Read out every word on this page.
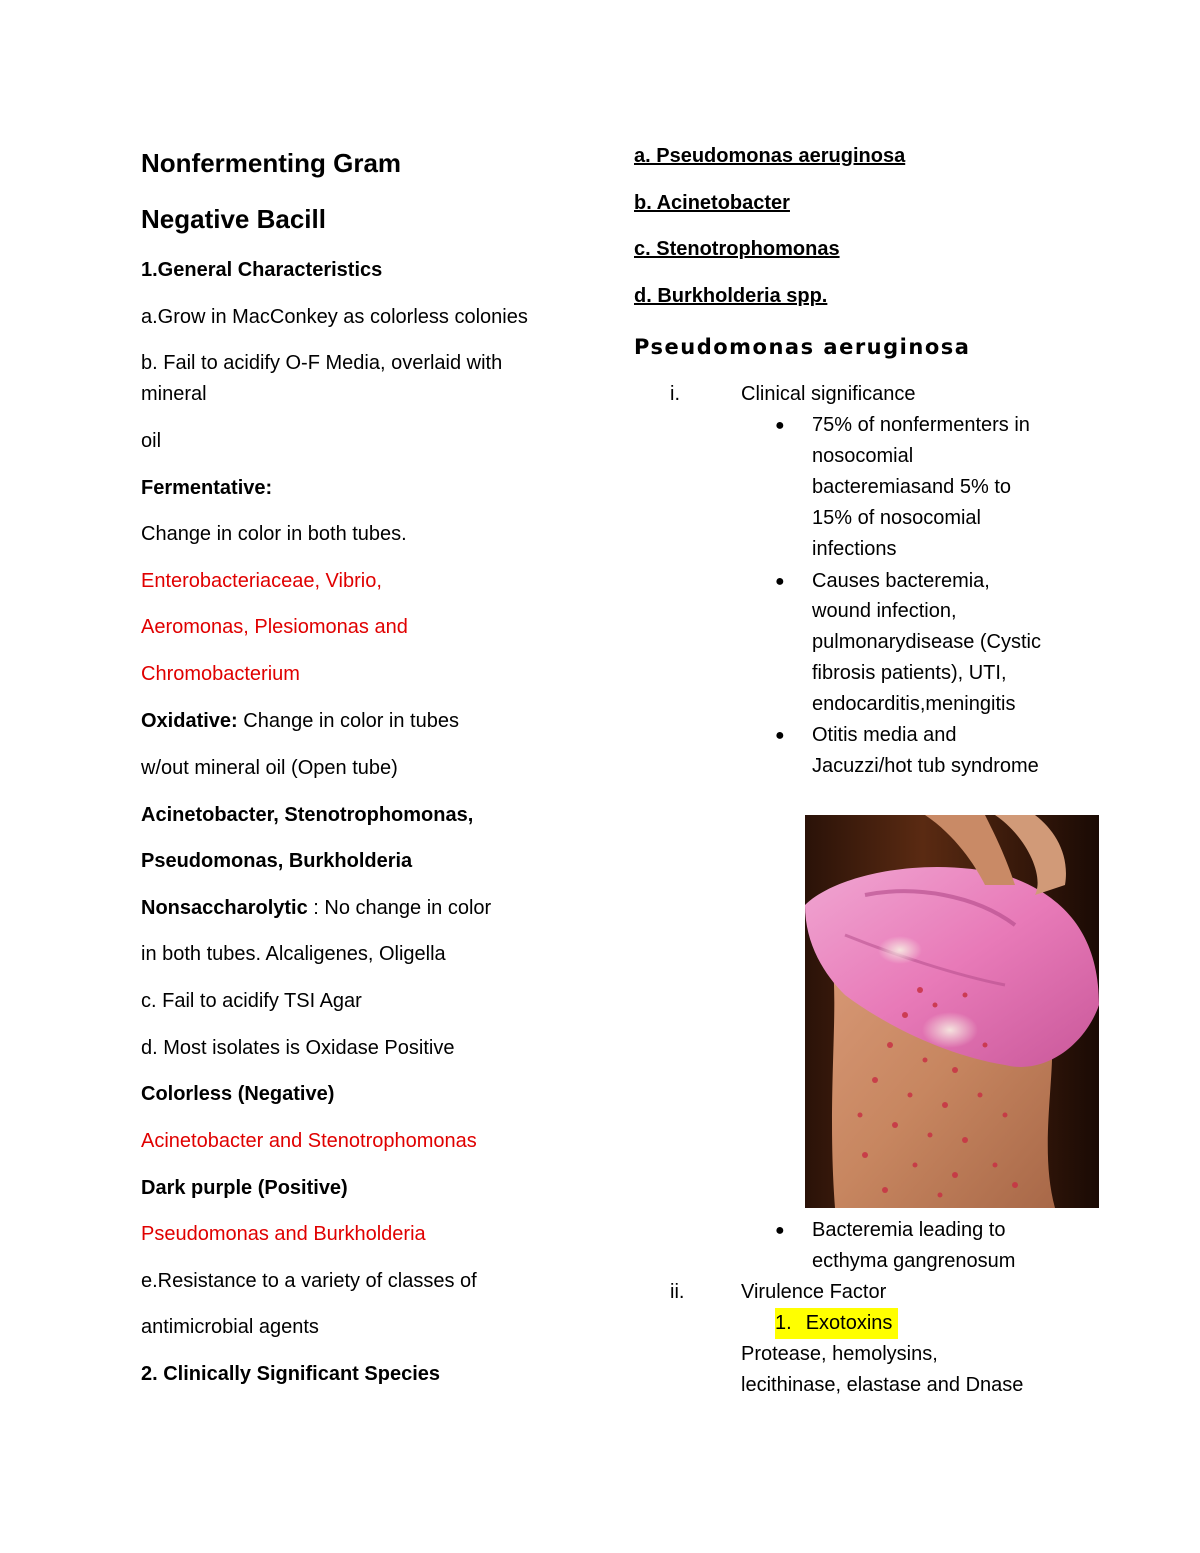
Nonfermenting Gram
Negative Bacill
1.General Characteristics
a.Grow in MacConkey as colorless colonies
b. Fail to acidify O-F Media, overlaid with
mineral
oil
Fermentative:
Change in color in both tubes.
Enterobacteriaceae, Vibrio,
Aeromonas, Plesiomonas and
Chromobacterium
Oxidative: Change in color in tubes
w/out mineral oil (Open tube)
Acinetobacter, Stenotrophomonas,
Pseudomonas, Burkholderia
Nonsaccharolytic : No change in color
in both tubes. Alcaligenes, Oligella
c. Fail to acidify TSI Agar
d. Most isolates is Oxidase Positive
Colorless (Negative)
Acinetobacter and Stenotrophomonas
Dark purple (Positive)
Pseudomonas and Burkholderia
e.Resistance to a variety of classes of
antimicrobial agents
2. Clinically Significant Species
a. Pseudomonas aeruginosa
b. Acinetobacter
c. Stenotrophomonas
d. Burkholderia spp.
Pseudomonas aeruginosa
i.	Clinical significance
● 75% of nonfermenters in
nosocomial
bacteremiasand 5% to
15% of nosocomial
infections
● Causes bacteremia,
wound infection,
pulmonarydisease (Cystic
fibrosis patients), UTI,
endocarditis,meningitis
● Otitis media and
Jacuzzi/hot tub syndrome
● Bacteremia leading to
ecthyma gangrenosum
ii.	Virulence Factor
1. Exotoxins
Protease, hemolysins,
lecithinase, elastase and Dnase
